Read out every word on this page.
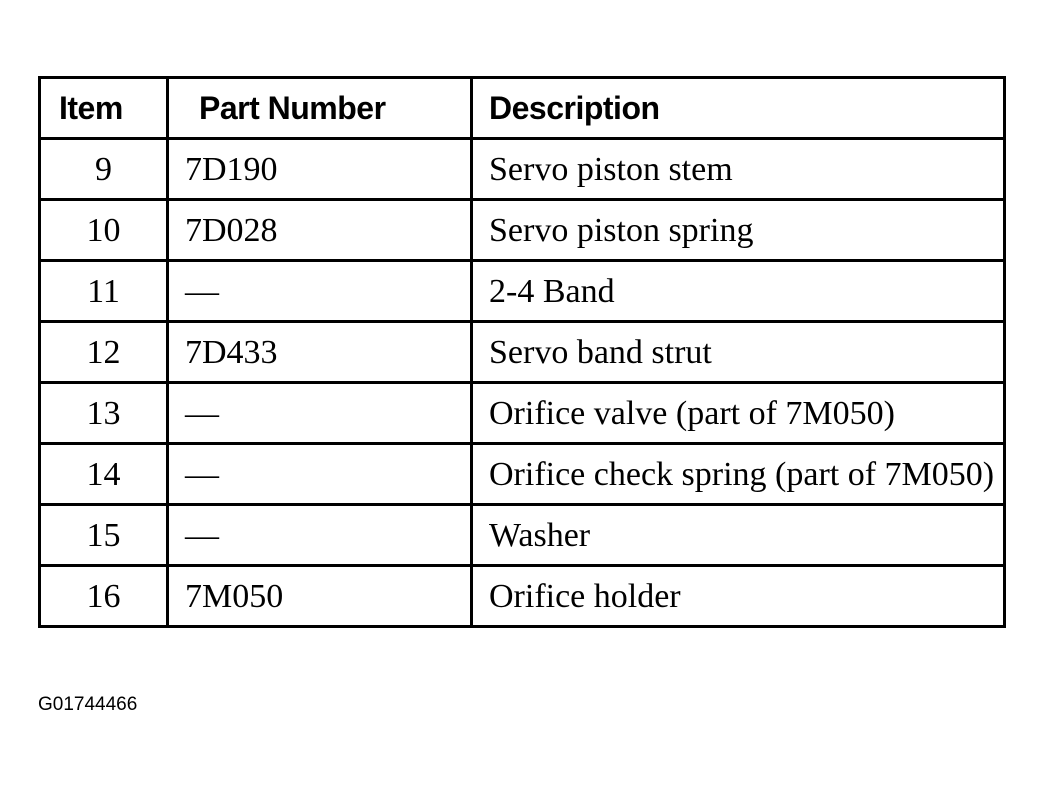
Item	Part Number	Description
9	7D190	Servo piston stem
10	7D028	Servo piston spring
11	—	2-4 Band
12	7D433	Servo band strut
13	—	Orifice valve (part of 7M050)
14	—	Orifice check spring (part of 7M050)
15	—	Washer
16	7M050	Orifice holder
G01744466
